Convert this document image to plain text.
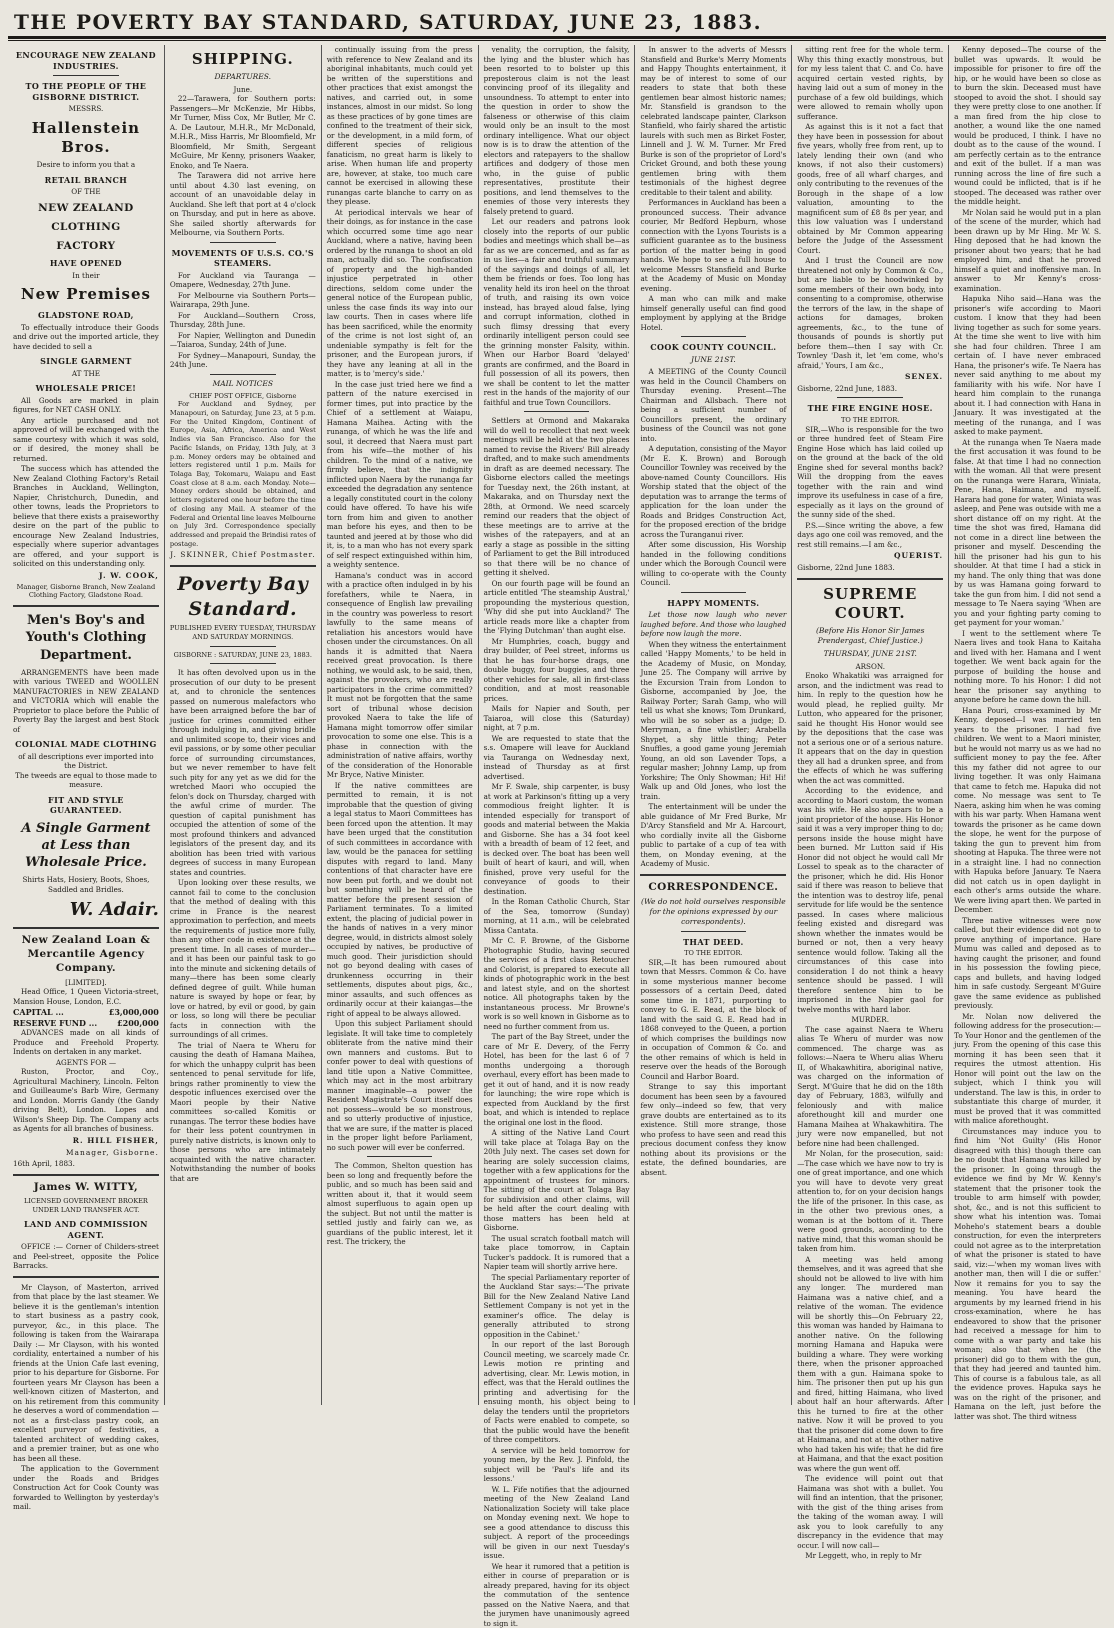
THE POVERTY BAY STANDARD, SATURDAY, JUNE 23, 1883.
ENCOURAGE NEW ZEALAND INDUSTRIES.
TO THE PEOPLE OF THE GISBORNE DISTRICT.
MESSRS.
Hallenstein Bros.
Desire to inform you that a
RETAIL BRANCH
OF THE
NEW ZEALAND
CLOTHING
FACTORY
HAVE OPENED
In their
New Premises
GLADSTONE ROAD,

To effectually introduce their Goods and drive out the imported article, they have decided to sell a

SINGLE GARMENT
AT THE
WHOLESALE PRICE!

All Goods are marked in plain figures, for NET CASH ONLY.

Any article purchased and not approved of will be exchanged with the same courtesy with which it was sold, or if desired, the money shall be returned.

The success which has attended the New Zealand Clothing Factory's Retail Branches in Auckland, Wellington, Napier, Christchurch, Dunedin, and other towns, leads the Proprietors to believe that there exists a praiseworthy desire on the part of the public to encourage New Zealand Industries, especially where superior advantages are offered, and your support is solicited on this understanding only.

J. W. COOK,
Manager, Gisborne Branch, New Zealand Clothing Factory, Gladstone Road.
Men's Boy's and Youth's Clothing Department.

ARRANGEMENTS have been made with various TWEED and WOOLLEN MANUFACTORIES in NEW ZEALAND and VICTORIA which will enable the Proprietor to place before the Public of Poverty Bay the largest and best Stock of

COLONIAL MADE CLOTHING
of all descriptions ever imported into the District.
The tweeds are equal to those made to measure.
FIT AND STYLE GUARANTEED.
A Single Garment at Less than Wholesale Price.
Shirts Hats, Hosiery, Boots, Shoes, Saddled and Bridles.
W. Adair.
New Zealand Loan & Mercantile Agency Company.
[LIMITED].

Head Office, 1 Queen Victoria-street, Mansion House, London, E.C.

CAPITAL ...	£3,000,000
RESERVE FUND ... £200,000

ADVANCES made on all kinds of Produce and Freehold Property. Indents on dertaken in any market.

AGENTS FOR —

Ruston, Proctor, and Coy., Agricultural Machinery, Lincoln. Felton and Guilleaume's Barb Wire, Germany and London. Morris Gandy (the Gandy driving Belt), London. Lopes and Wilson's Sheep Dip. The Company acts as Agents for all branches of business.

R. HILL FISHER,
Manager, Gisborne.
16th April, 1883.
James W. WITTY,
LICENSED GOVERNMENT BROKER UNDER LAND TRANSFER ACT.
LAND AND COMMISSION AGENT.

OFFICE :— Corner of Childers-street and Peel-street, opposite the Police Barracks.

Mr Clayson, of Masterton, arrived from that place by the last steamer. We believe it is the gentleman's intention to start business as a pastry cook, purveyor, &c., in this place. The following is taken from the Wairarapa Daily :— Mr Clayson, with his wonted cordiality, entertained a number of his friends at the Union Cafe last evening, prior to his departure for Gisborne. For fourteen years Mr Clayson has been a well-known citizen of Masterton, and on his retirement from this community he deserves a word of commendation — not as a first-class pastry cook, an excellent purveyor of festivities, a talented architect of wedding cakes, and a premier trainer, but as one who has been all these.

The application to the Government under the Roads and Bridges Construction Act for Cook County was forwarded to Wellington by yesterday's mail.

SHIPPING.
DEPARTURES.
June.

22—Tarawera, for Southern ports: Passengers—Mr McKenzie, Mr Hibbs, Mr Turner, Miss Cox, Mr Butler, Mr C. A. De Lautour, M.H.R., Mr McDonald, M.H.R., Miss Harris, Mr Bloomfield, Mr Bloomfield, Mr Smith, Sergeant McGuire, Mr Kenny, prisoners Waaker, Enoko, and Te Naera.

The Tarawera did not arrive here until about 4.30 last evening, on account of an unavoidable delay in Auckland. She left that port at 4 o'clock on Thursday, and put in here as above. She sailed shortly afterwards for Melbourne, via Southern Ports.

MOVEMENTS OF U.S.S. CO.'S STEAMERS.

For Auckland via Tauranga — Omapere, Wednesday, 27th June.

For Melbourne via Southern Ports—Wairarapa, 29th June.

For Auckland—Southern Cross, Thursday, 28th June.

For Napier, Wellington and Dunedin—Taiaroa, Sunday, 24th of June.

For Sydney—Manapouri, Sunday, the 24th June.

MAIL NOTICES
CHIEF POST OFFICE, Gisborne

For Auckland and Sydney, per Manapouri, on Saturday, June 23, at 5 p.m. For the United Kingdom, Continent of Europe, Asia, Africa, America and West Indies via San Francisco. Also for the Pacific Islands, on Friday, 13th July, at 3 p.m. Money orders may be obtained and letters registered until 1 p.m. Mails for Tolaga Bay, Tokomaru, Waiapu and East Coast close at 8 a.m. each Monday. Note—Money orders should be obtained, and letters registered one hour before the time of closing any Mail. A steamer of the Federal and Oriental line leaves Melbourne on July 3rd. Correspondence specially addressed and prepaid the Brindisi rates of postage.

J. SKINNER, Chief Postmaster.
Poverty Bay Standard.
PUBLISHED EVERY TUESDAY, THURSDAY AND SATURDAY MORNINGS.
GISBORNE : SATURDAY, JUNE 23, 1883.

It has often devolved upon us in the prosecution of our duty to be present at, and to chronicle the sentences passed on numerous malefactors who have been arraigned before the bar of justice for crimes committed either through indulging in, and giving bridle and unlimited scope to, their vices and evil passions, or by some other peculiar force of surrounding circumstances, but we never remember to have felt such pity for any yet as we did for the wretched Maori who occupied the felon's dock on Thursday, charged with the awful crime of murder. The question of capital punishment has occupied the attention of some of the most profound thinkers and advanced legislators of the present day, and its abolition has been tried with various degrees of success in many European states and countries.

Upon looking over these results, we cannot fail to come to the conclusion that the method of dealing with this crime in France is the nearest approximation to perfection, and meets the requirements of justice more fully, than any other code in existence at the present time. In all cases of murder—and it has been our painful task to go into the minute and sickening details of many—there has been some clearly defined degree of guilt. While human nature is swayed by hope or fear, by love or hatred, by evil or good, by gain or loss, so long will there be peculiar facts in connection with the surroundings of all crimes.

The trial of Naera te Wheru for causing the death of Hamana Maihea, for which the unhappy culprit has been sentenced to penal servitude for life, brings rather prominently to view the despotic influences exercised over the Maori people by their Native committees so-called Komitis or runangas. The terror these bodies have for their less potent countrymen in purely native districts, is known only to those persons who are intimately acquainted with the native character. Notwithstanding the number of books that are

continually issuing from the press with reference to New Zealand and its aboriginal inhabitants, much could yet be written of the superstitions and other practices that exist amongst the natives, and carried out, in some instances, almost in our midst. So long as these practices of by gone times are confined to the treatment of their sick, or the development, in a mild form, of different species of religious fanaticism, no great harm is likely to arise. When human life and property are, however, at stake, too much care cannot be exercised in allowing these runangas carte blanche to carry on as they please.

At periodical intervals we hear of their doings, as for instance in the case which occurred some time ago near Auckland, where a native, having been ordered by the runanga to shoot an old man, actually did so. The confiscation of property and the high-handed injustice perpetrated in other directions, seldom come under the general notice of the European public, unless the case finds its way into our law courts. Then in cases where life has been sacrificed, while the enormity of the crime is not lost sight of, an undeniable sympathy is felt for the prisoner, and the European jurors, if they have any leaning at all in the matter, is to 'mercy's side.'

In the case just tried here we find a pattern of the nature exercised in former times, put into practice by the Chief of a settlement at Waiapu, Hamana Maihea. Acting with the runanga, of which he was the life and soul, it decreed that Naera must part from his wife—the mother of his children. To the mind of a native, we firmly believe, that the indignity inflicted upon Naera by the runanga far exceeded the degradation any sentence a legally constituted court in the colony could have offered. To have his wife torn from him and given to another man before his eyes, and then to be taunted and jeered at by those who did it, is, to a man who has not every spark of self respect extinguished within him, a weighty sentence.

Hamana's conduct was in accord with a practice often indulged in by his forefathers, while te Naera, in consequence of English law prevailing in the country was powerless to resort lawfully to the same means of retaliation his ancestors would have chosen under the circumstances. On all hands it is admitted that Naera received great provocation. Is there nothing, we would ask, to be said, then, against the provokers, who are really participators in the crime committed? It must not be forgotten that the same sort of tribunal whose decision provoked Naera to take the life of Hamana might tomorrow offer similar provocation to some one else. This is a phase in connection with the administration of native affairs, worthy of the consideration of the Honorable Mr Bryce, Native Minister.

If the native committees are permitted to remain, it is not improbable that the question of giving a legal status to Maori Committees has been forced upon the attention. It may have been urged that the constitution of such committees in accordance with law, would be the panacea for settling disputes with regard to land. Many contentions of that character have ere now been put forth, and we doubt not but something will be heard of the matter before the present session of Parliament terminates. To a limited extent, the placing of judicial power in the hands of natives in a very minor degree, would, in districts almost solely occupied by natives, be productive of much good. Their jurisdiction should not go beyond dealing with cases of drunkenness occurring in their settlements, disputes about pigs, &c., minor assaults, and such offences as ordinarily occur at their kaiangas—the right of appeal to be always allowed.

Upon this subject Parliament should legislate. It will take time to completely obliterate from the native mind their own manners and customs. But to confer power to deal with questions of land title upon a Native Committee, which may act in the most arbitrary manner imaginable—a power the Resident Magistrate's Court itself does not possess—would be so monstrous, and so utterly productive of injustice, that we are sure, if the matter is placed in the proper light before Parliament, no such power will ever be conferred.

The Common, Shelton question has been so long and frequently before the public, and so much has been said and written about it, that it would seem almost superfluous to again open up the subject. But not until the matter is settled justly and fairly can we, as guardians of the public interest, let it rest. The trickery, the

venality, the corruption, the falsity, the lying and the bluster which has been resorted to to bolster up this preposterous claim is not the least convincing proof of its illegality and unsoundness. To attempt to enter into the question in order to show the falseness or otherwise of this claim would only be an insult to the most ordinary intelligence. What our object now is is to draw the attention of the electors and ratepayers to the shallow artifices and dodgery of those men who, in the guise of public representatives, prostitute their positions, and lend themselves to the enemies of those very interests they falsely pretend to guard.

Let our readers and patrons look closely into the reports of our public bodies and meetings which shall be—as far as we are concerned, and as far as in us lies—a fair and truthful summary of the sayings and doings of all, let them be friends or foes. Too long has venality held its iron heel on the throat of truth, and raising its own voice instead, has brayed aloud false, lying and corrupt information, clothed in such flimsy dressing that every ordinarily intelligent person could see the grinning monster Falsity, within. When our Harbor Board 'delayed' grants are confirmed, and the Board in full possession of all its powers, then we shall be content to let the matter rest in the hands of the majority of our faithful and true Town Councillors.

Settlers at Ormond and Makaraka will do well to recollect that next week meetings will be held at the two places named to revise the Rivers' Bill already drafted, and to make such amendments in draft as are deemed necessary. The Gisborne electors called the meetings for Tuesday next, the 26th instant, at Makaraka, and on Thursday next the 28th, at Ormond. We need scarcely remind our readers that the object of these meetings are to arrive at the wishes of the ratepayers, and at an early a stage as possible in the sitting of Parliament to get the Bill introduced so that there will be no chance of getting it shelved.

On our fourth page will be found an article entitled 'The steamship Austral,' propounding the mysterious question, 'Why did she put into Auckland?' The article reads more like a chapter from the 'Flying Dutchman' than aught else.

Mr Humphries, coach, buggy and dray builder, of Peel street, informs us that he has four-horse drags, one double buggy, four buggies, and three other vehicles for sale, all in first-class condition, and at most reasonable prices.

Mails for Napier and South, per Taiaroa, will close this (Saturday) night, at 7 p.m.

We are requested to state that the s.s. Omapere will leave for Auckland via Tauranga on Wednesday next, instead of Thursday as at first advertised.

Mr F. Swale, ship carpenter, is busy at work at Parkinson's fitting up a very commodious freight lighter. It is intended especially for transport of goods and material between the Makia and Gisborne. She has a 34 foot keel with a breadth of beam of 12 feet, and is decked over. The boat has been well built of heart of kauri, and will, when finished, prove very useful for the conveyance of goods to their destination.

In the Roman Catholic Church, Star of the Sea, tomorrow (Sunday) morning, at 11 a.m., will be celebrated Missa Cantata.

Mr C. F. Browne, of the Gisborne Photographic Studio, having secured the services of a first class Retoucher and Colorist, is prepared to execute all kinds of photographic work in the best and latest style, and on the shortest notice. All photographs taken by the instantaneous process. Mr Browne's work is so well known in Gisborne as to need no further comment from us.

The part of the Bay Street, under the care of Mr E. Devery, of the Ferry Hotel, has been for the last 6 of 7 months undergoing a thorough overhaul, every effort has been made to get it out of hand, and it is now ready for launching; the wire rope which is expected from Auckland by the first boat, and which is intended to replace the original one lost in the flood.

A sitting of the Native Land Court will take place at Tolaga Bay on the 20th July next. The cases set down for hearing are solely succession claims, together with a few applications for the appointment of trustees for minors. The sitting of the court at Tolaga Bay for subdivision and other claims, will be held after the court dealing with those matters has been held at Gisborne.

The usual scratch football match will take place tomorrow, in Captain Tucker's paddock. It is rumored that a Napier team will shortly arrive here.

The special Parliamentary reporter of the Auckland Star says:—'The private Bill for the New Zealand Native Land Settlement Company is not yet in the examiner's office. The delay is generally attributed to strong opposition in the Cabinet.'

In our report of the last Borough Council meeting, we scarcely made Cr. Lewis motion re printing and advertising, clear. Mr. Lewis motion, in effect, was that the Herald outlines the printing and advertising for the ensuing month, his object being to delay the tenders until the proprietors of Facts were enabled to compete, so that the public would have the benefit of three competitors.

A service will be held tomorrow for young men, by the Rev. J. Pinfold, the subject will be 'Paul's life and its lessons.'

W. L. Fife notifies that the adjourned meeting of the New Zealand Land Nationalization Society will take place on Monday evening next. We hope to see a good attendance to discuss this subject. A report of the proceedings will be given in our next Tuesday's issue.

We hear it rumored that a petition is either in course of preparation or is already prepared, having for its object the commutation of the sentence passed on the Native Naera, and that the jurymen have unanimously agreed to sign it.

In answer to the adverts of Messrs Stansfield and Burke's Merry Moments and Happy Thoughts entertainment, it may be of interest to some of our readers to state that both these gentlemen bear almost historic names; Mr. Stansfield is grandson to the celebrated landscape painter, Clarkson Stanfield, who fairly shared the artistic laurels with such men as Birket Foster, Linnell and J. W. M. Turner. Mr Fred Burke is son of the proprietor of Lord's Cricket Ground, and both these young gentlemen bring with them testimonials of the highest degree creditable to their talent and ability.

Performances in Auckland has been a pronounced success. Their advance courier, Mr Bedford Hepburn, whose connection with the Lyons Tourists is a sufficient guarantee as to the business portion of the matter being in good hands. We hope to see a full house to welcome Messrs Stansfield and Burke at the Academy of Music on Monday evening.

A man who can milk and make himself generally useful can find good employment by applying at the Bridge Hotel.

COOK COUNTY COUNCIL.
JUNE 21ST.

A MEETING of the County Council was held in the Council Chambers on Thursday evening. Present—The Chairman and Allsbach. There not being a sufficient number of Councillors present, the ordinary business of the Council was not gone into.

A deputation, consisting of the Mayor (Mr E. K. Brown) and Borough Councillor Townley was received by the above-named County Councillors. His Worship stated that the object of the deputation was to arrange the terms of application for the loan under the Roads and Bridges Construction Act, for the proposed erection of the bridge across the Turanganui river.

After some discussion, His Worship handed in the following conditions under which the Borough Council were willing to co-operate with the County Council.

HAPPY MOMENTS.

Let those now laugh who never laughed before. And those who laughed before now laugh the more.

When they witness the entertainment called 'Happy Moments,' to be held in the Academy of Music, on Monday, June 25. The Company will arrive by the Excursion Train from London to Gisborne, accompanied by Joe, the Railway Porter; Sarah Gamp, who will tell us what she knows; Tom Drunkard, who will be so sober as a judge; D. Merryman, a fine whistler; Arabella Shypet, a shy little thing; Peter Snuffles, a good game young Jeremiah Young, an old son Lavender Tops, a regular masher; Johnny Lamp, up from Yorkshire; The Only Showman; Hi! Hi! Walk up and Old Jones, who lost the train.

The entertainment will be under the able guidance of Mr Fred Burke, Mr D'Arcy Stansfield and Mr A. Harcourt, who cordially invite all the Gisborne public to partake of a cup of tea with them, on Monday evening, at the Academy of Music.

CORRESPONDENCE.
(We do not hold ourselves responsible for the opinions expressed by our correspondents).
THAT DEED.
TO THE EDITOR.

SIR,—It has been rumoured about town that Messrs. Common & Co. have in some mysterious manner become possessors of a certain Deed, dated some time in 1871, purporting to convey to G. E. Read, at the block of land with the said G. E. Read had in 1868 conveyed to the Queen, a portion of which comprises the buildings now in occupation of Common & Co. and the other remains of which is held in reserve over the heads of the Borough Council and Harbor Board.

Strange to say this important document has been seen by a favoured few only—indeed so few, that very grave doubts are entertained as to its existence. Still more strange, those who profess to have seen and read this precious document confess they know nothing about its provisions or the estate, the defined boundaries, are absent.

sitting rent free for the whole term. Why this thing exactly monstrous, but for my less talent that C. and Co. have acquired certain vested rights, by having laid out a sum of money in the purchase of a few old buildings, which were allowed to remain wholly upon sufferance.

As against this is it not a fact that they have been in possession for about five years, wholly free from rent, up to lately lending their own (and who knows, if not also their customers) goods, free of all wharf charges, and only contributing to the revenues of the Borough in the shape of a low valuation, amounting to the magnificent sum of £8 8s per year, and this low valuation was I understand obtained by Mr Common appearing before the Judge of the Assessment Court.

And I trust the Council are now threatened not only by Common & Co., but are liable to be hoodwinked by some members of their own body, into consenting to a compromise, otherwise the terrors of the law, in the shape of actions for damages, broken agreements, &c., to the tune of thousands of pounds is shortly put before them—then I say with Cr. Townley 'Dash it, let 'em come, who's afraid,' Yours, I am &c.,

SENEX.
Gisborne, 22nd June, 1883.
THE FIRE ENGINE HOSE.
TO THE EDITOR.

SIR,—Who is responsible for the two or three hundred feet of Steam Fire Engine Hose which has laid coiled up on the ground at the back of the old Engine shed for several months back? Will the dropping from the eaves together with the rain and wind improve its usefulness in case of a fire, especially as it lays on the ground of the sunny side of the shed.

P.S.—Since writing the above, a few days ago one coil was removed, and the rest still remains.—I am &c.,

QUERIST.
Gisborne, 22nd June 1883.
SUPREME COURT.
(Before His Honor Sir James Prendergast, Chief Justice.)
THURSDAY, JUNE 21ST.
ARSON.

Enoko Whakatiki was arraigned for arson, and the indictment was read to him. In reply to the question how he would plead, he replied guilty. Mr Lutton, who appeared for the prisoner, said he thought His Honor would see by the depositions that the case was not a serious one or of a serious nature. It appears that on the day in question they all had a drunken spree, and from the effects of which he was suffering when the act was committed.

According to the evidence, and according to Maori custom, the woman was his wife. He also appears to be a joint proprietor of the house. His Honor said it was a very improper thing to do; persons inside the house might have been burned. Mr Lutton said if His Honor did not object he would call Mr Lossel to speak as to the character of the prisoner, which he did. His Honor said if there was reason to believe that the intention was to destroy life, penal servitude for life would be the sentence passed. In cases where malicious feeling existed and disregard was shown whether the inmates would be burned or not, then a very heavy sentence would follow. Taking all the circumstances of this case into consideration I do not think a heavy sentence should be passed. I will therefore sentence him to be imprisoned in the Napier gaol for twelve months with hard labor.

MURDER.

The case against Naera te Wheru alias Te Wheru of murder was now commenced. The charge was as follows:—Naera te Wheru alias Wheru II, of Whakawhitira, aboriginal native, was charged on the information of Sergt. M'Guire that he did on the 18th day of February, 1883, wilfully and feloniously and with malice aforethought kill and murder one Hamana Maihea at Whakawhitira. The jury were now empanelled, but not before nine had been challenged.

Mr Nolan, for the prosecution, said:—The case which we have now to try is one of great importance, and one which you will have to devote very great attention to, for on your decision hangs the life of the prisoner. In this case, as in the other two previous ones, a woman is at the bottom of it. There were good grounds, according to the native mind, that this woman should be taken from him.

A meeting was held among themselves, and it was agreed that she should not be allowed to live with him any longer. The murdered man Haimana was a native chief, and a relative of the woman. The evidence will be shortly this—On February 22, this woman was handed by Haimana to another native. On the following morning Hamana and Hapuka were building a whare. They were working there, when the prisoner approached them with a gun. Haimana spoke to him. The prisoner then put up his gun and fired, hitting Haimana, who lived about half an hour afterwards. After this he turned to fire at the other native. Now it will be proved to you that the prisoner did come down to fire at Haimana, and not at the other native who had taken his wife; that he did fire at Haimana, and that the exact position was where the gun went off.

The evidence will point out that Haimana was shot with a bullet. You will find an intention, that the prisoner, with the gist of the thing arises from the taking of the woman away. I will ask you to look carefully to any discrepancy in the evidence that may occur. I will now call—

Mr Leggett, who, in reply to Mr

Kenny deposed—The course of the bullet was upwards. It would be impossible for prisoner to fire off the hip, or he would have been so close as to burn the skin. Deceased must have stooped to avoid the shot. I should say they were pretty close to one another. If a man fired from the hip close to another, a wound like the one named would be produced, I think. I have no doubt as to the cause of the wound. I am perfectly certain as to the entrance and exit of the bullet. If a man was running across the line of fire such a wound could be inflicted, that is if he stooped. The deceased was rather over the middle height.

Mr Nolan said he would put in a plan of the scene of the murder, which had been drawn up by Mr Hing. Mr W. S. Hing deposed that he had known the prisoner about two years; that he had employed him, and that he proved himself a quiet and inoffensive man. In answer to Mr Kenny's cross-examination.

Hapuka Niho said—Hana was the prisoner's wife according to Maori custom. I know that they had been living together as such for some years. At the time she went to live with him she had four children. Three I am certain of. I have never embraced Hana, the prisoner's wife. Te Naera has never said anything to me about my familiarity with his wife. Nor have I heard him complain to the runanga about it. I had connection with Hana in January. It was investigated at the meeting of the runanga, and I was asked to make payment.

At the runanga when Te Naera made the first accusation it was found to be false. At that time I had no connection with the woman. All that were present on the runanga were Harara, Winiata, Pene, Hana, Haimana, and myself. Harara had gone for water, Winiata was asleep, and Pene was outside with me a short distance off on my right. At the time the shot was fired, Hamana did not come in a direct line between the prisoner and myself. Descending the hill the prisoner had his gun to his shoulder. At that time I had a stick in my hand. The only thing that was done by us was Hamana going forward to take the gun from him. I did not send a message to Te Naera saying 'When are you and your fighting party coming to get payment for your woman.'

I went to the settlement where Te Naera lives and took Hana to Kaitaha and lived with her. Hamana and I went together. We went back again for the purpose of building the house and nothing more. To his Honor: I did not hear the prisoner say anything to anyone before he came down the hill.

Hana Pouri, cross-examined by Mr Kenny, deposed—I was married ten years to the prisoner. I had five children. We went to a Maori minister, but he would not marry us as we had no sufficient money to pay the fee. After this my father did not agree to our living together. It was only Haimana that came to fetch me. Hapuka did not come. No message was sent to Te Naera, asking him when he was coming with his war party. When Hamana went towards the prisoner as he came down the slope, he went for the purpose of taking the gun to prevent him from shooting at Hapuka. The three were not in a straight line. I had no connection with Hapuka before January. Te Naera did not catch us in open daylight in each other's arms outside the whare. We were living apart then. We parted in December.

Three native witnesses were now called, but their evidence did not go to prove anything of importance. Hare Mumu was called and deposed as to having caught the prisoner, and found in his possession the fowling piece, caps and bullets, and having lodged him in safe custody. Sergeant M'Guire gave the same evidence as published previously.

Mr. Nolan now delivered the following address for the prosecution:—To Your Honor and the gentlemen of the jury. From the opening of this case this morning it has been seen that it requires the utmost attention. His Honor will point out the law on the subject, which I think you will understand. The law is this, in order to substantiate this charge of murder, it must be proved that it was committed with malice aforethought.

Circumstances may induce you to find him 'Not Guilty' (His Honor disagreed with this) though there can be no doubt that Hamana was killed by the prisoner. In going through the evidence we find by Mr W. Kenny's statement that the prisoner took the trouble to arm himself with powder, shot, &c., and is not this sufficient to show what his intention was. Tomai Moheho's statement bears a double construction, for even the interpreters could not agree as to the interpretation of what the prisoner is stated to have said, viz:—'when my woman lives with another man, then will I die or suffer.' Now it remains for you to say the meaning. You have heard the arguments by my learned friend in his cross-examination, where he has endeavored to show that the prisoner had received a message for him to come with a war party and take his woman; also that when he (the prisoner) did go to them with the gun, that they had jeered and taunted him. This of course is a fabulous tale, as all the evidence proves. Hapuka says he was on the right of the prisoner, and Hamana on the left, just before the latter was shot. The third witness
